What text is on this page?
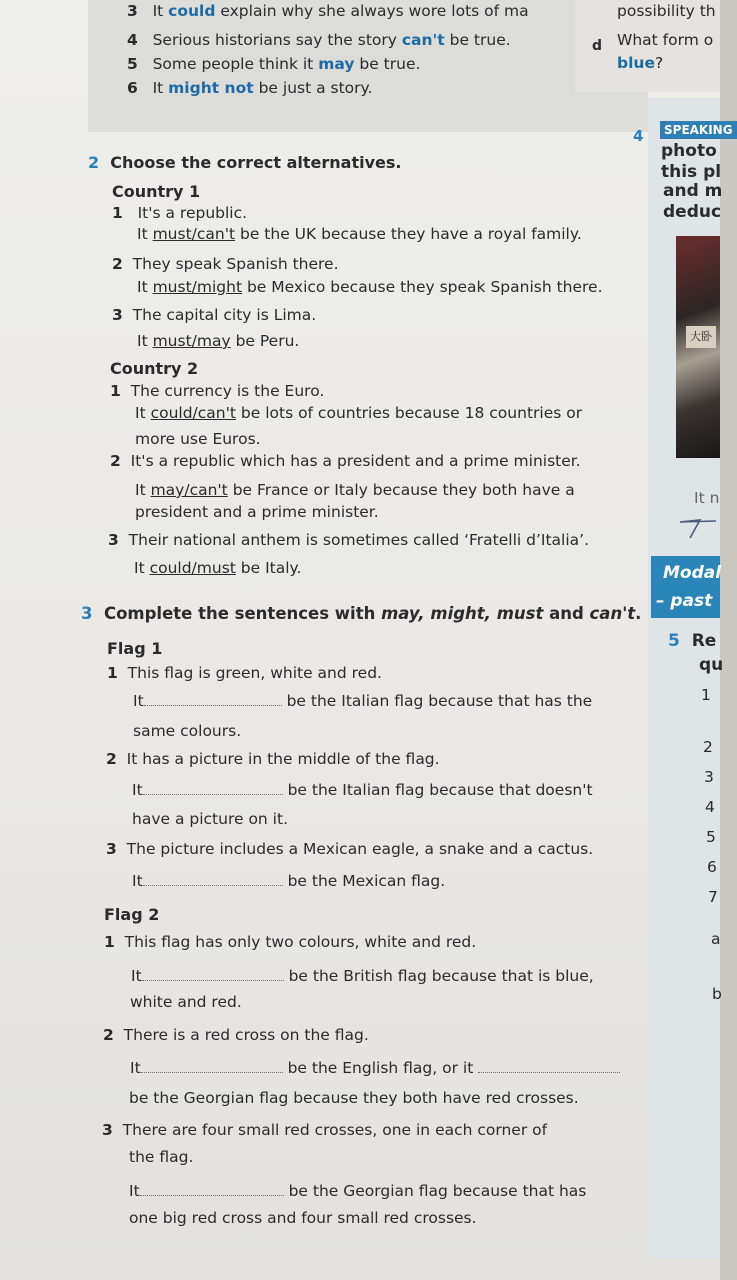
3 It could explain why she always wore lots of ma
4 Serious historians say the story can't be true.
5 Some people think it may be true.
6 It might not be just a story.
possibility th
d What form o
blue?
2 Choose the correct alternatives.
Country 1
1 It's a republic.
It must/can't be the UK because they have a royal family.
2 They speak Spanish there.
It must/might be Mexico because they speak Spanish there.
3 The capital city is Lima.
It must/may be Peru.
Country 2
1 The currency is the Euro.
It could/can't be lots of countries because 18 countries or
more use Euros.
2 It's a republic which has a president and a prime minister.
It may/can't be France or Italy because they both have a
president and a prime minister.
3 Their national anthem is sometimes called ‘Fratelli d’Italia’.
It could/must be Italy.
3 Complete the sentences with may, might, must and can't.
Flag 1
1 This flag is green, white and red.
It	be the Italian flag because that has the
same colours.
2 It has a picture in the middle of the flag.
It	be the Italian flag because that doesn't
have a picture on it.
3 The picture includes a Mexican eagle, a snake and a cactus.
It	be the Mexican flag.
Flag 2
1 This flag has only two colours, white and red.
It	be the British flag because that is blue,
white and red.
2 There is a red cross on the flag.
It	be the English flag, or it
be the Georgian flag because they both have red crosses.
3 There are four small red crosses, one in each corner of
the flag.
It	be the Georgian flag because that has
one big red cross and four small red crosses.
4	SPEAKING
photo
this pl
and m
deduc
大卧
It n
Modal
– past
5 Re
qu
1
2
3
4
5
6
7
a
b
